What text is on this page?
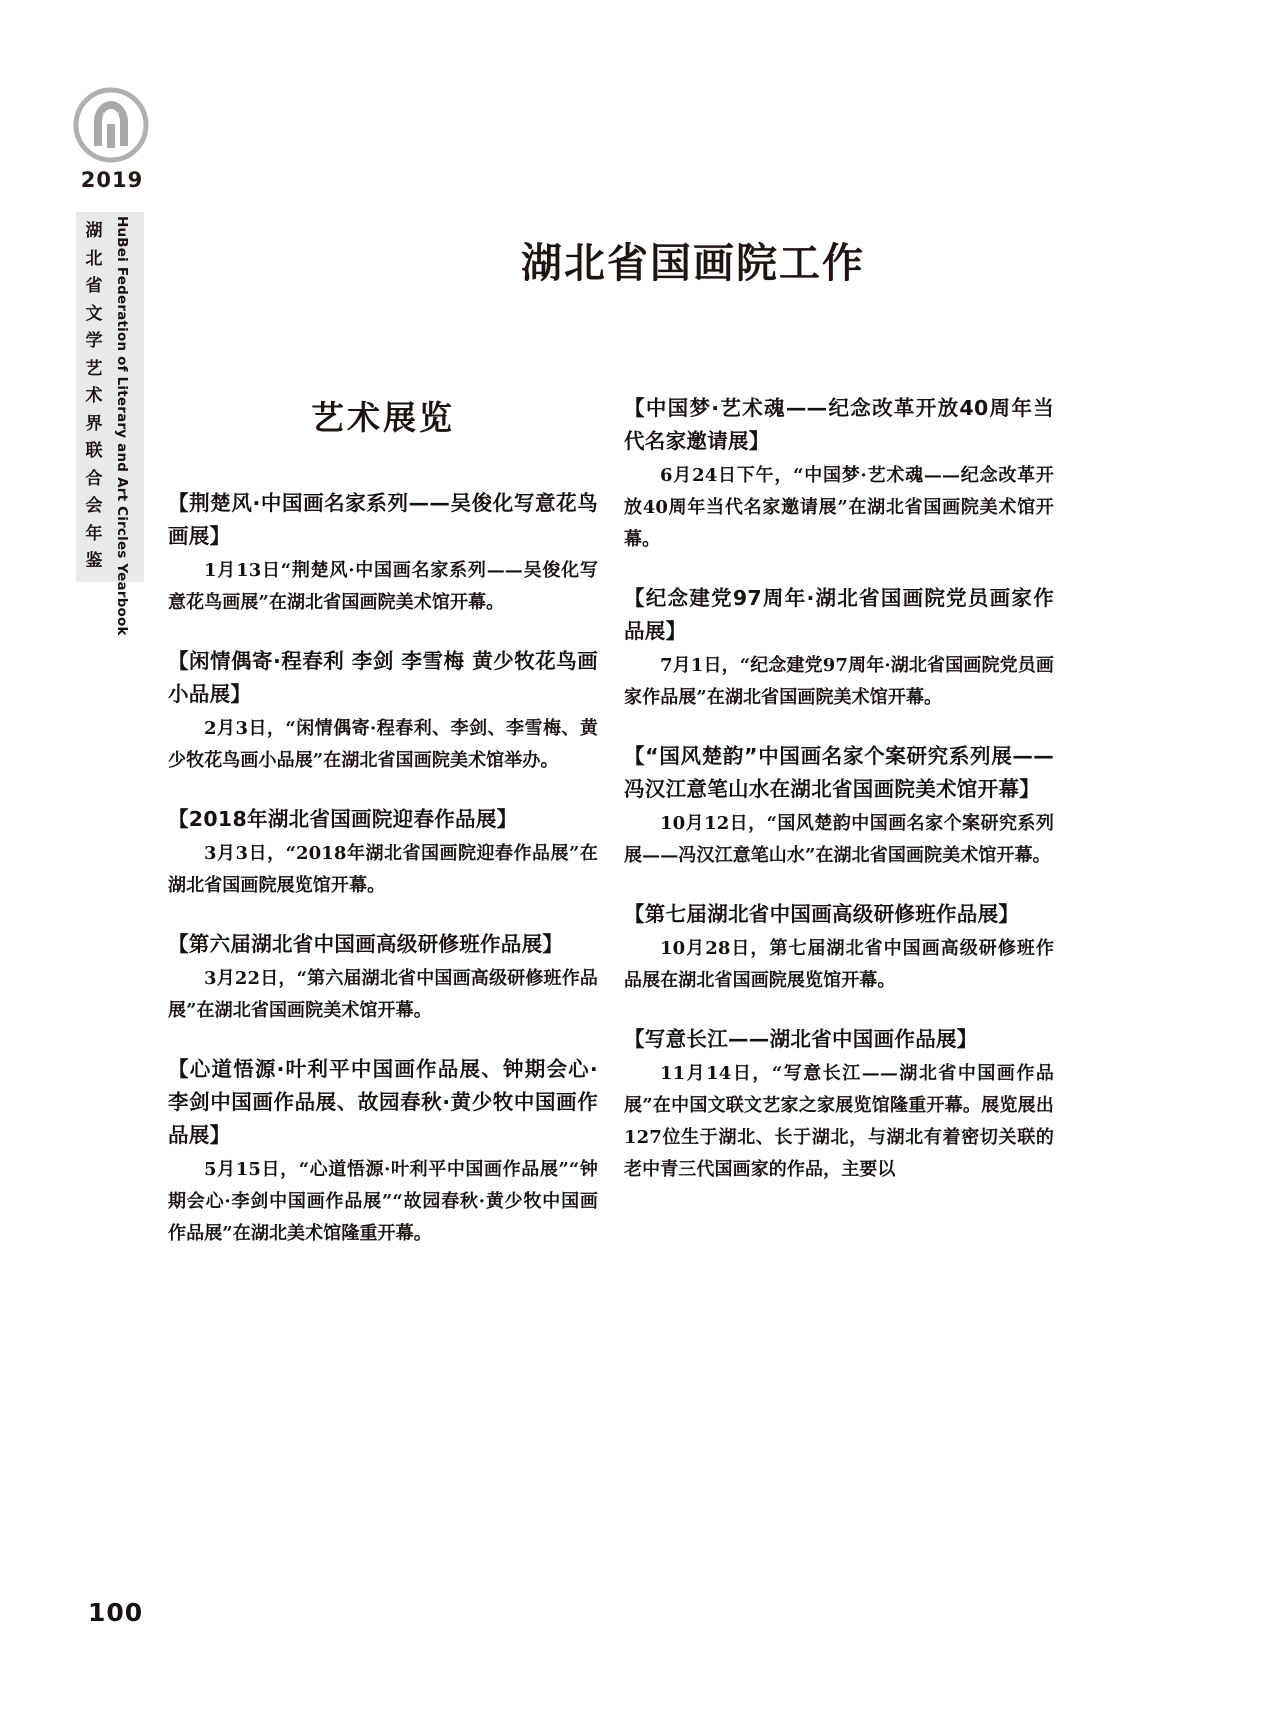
2019
湖北省文学艺术界联合会年鉴 HuBei Federation of Literary and Art Circles Yearbook	湖北省国画院工作
艺术展览
【荆楚风·中国画名家系列——吴俊化写意花鸟画展】

1月13日“荆楚风·中国画名家系列——吴俊化写意花鸟画展”在湖北省国画院美术馆开幕。

【闲情偶寄·程春利 李剑 李雪梅 黄少牧花鸟画小品展】

2月3日，“闲情偶寄·程春利、李剑、李雪梅、黄少牧花鸟画小品展”在湖北省国画院美术馆举办。

【2018年湖北省国画院迎春作品展】

3月3日，“2018年湖北省国画院迎春作品展”在湖北省国画院展览馆开幕。

【第六届湖北省中国画高级研修班作品展】

3月22日，“第六届湖北省中国画高级研修班作品展”在湖北省国画院美术馆开幕。

【心道悟源·叶利平中国画作品展、钟期会心·李剑中国画作品展、故园春秋·黄少牧中国画作品展】

5月15日，“心道悟源·叶利平中国画作品展”“钟期会心·李剑中国画作品展”“故园春秋·黄少牧中国画作品展”在湖北美术馆隆重开幕。

【中国梦·艺术魂——纪念改革开放40周年当代名家邀请展】

6月24日下午，“中国梦·艺术魂——纪念改革开放40周年当代名家邀请展”在湖北省国画院美术馆开幕。

【纪念建党97周年·湖北省国画院党员画家作品展】

7月1日，“纪念建党97周年·湖北省国画院党员画家作品展”在湖北省国画院美术馆开幕。

【“国风楚韵”中国画名家个案研究系列展——冯汉江意笔山水在湖北省国画院美术馆开幕】

10月12日，“国风楚韵中国画名家个案研究系列展——冯汉江意笔山水”在湖北省国画院美术馆开幕。

【第七届湖北省中国画高级研修班作品展】

10月28日，第七届湖北省中国画高级研修班作品展在湖北省国画院展览馆开幕。

【写意长江——湖北省中国画作品展】

11月14日，“写意长江——湖北省中国画作品展”在中国文联文艺家之家展览馆隆重开幕。展览展出127位生于湖北、长于湖北，与湖北有着密切关联的老中青三代国画家的作品，主要以

100
